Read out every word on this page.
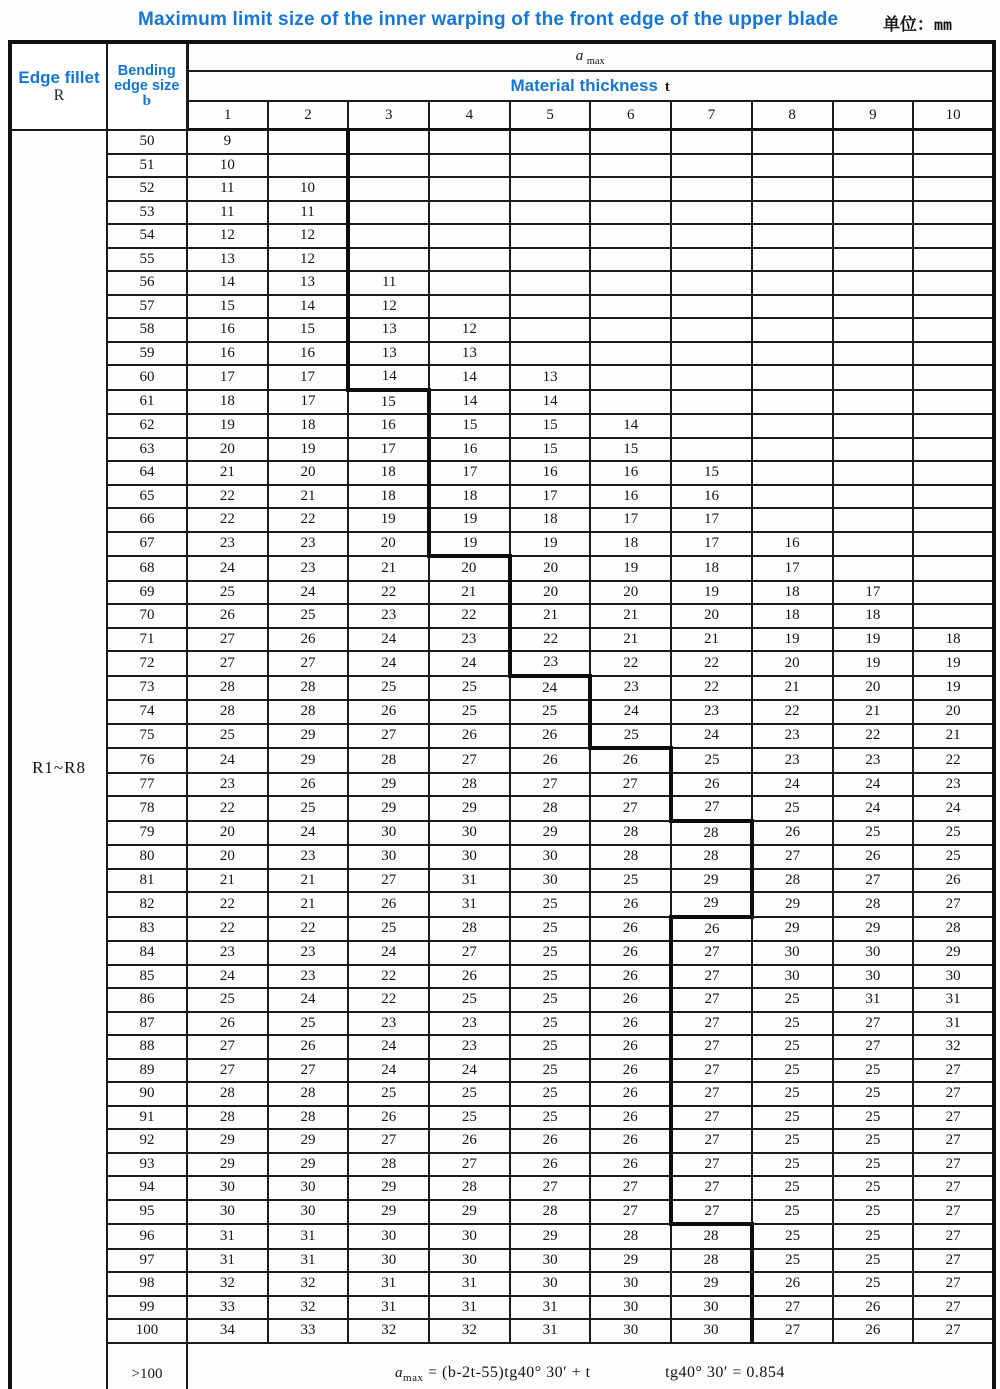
Maximum limit size of the inner warping of the front edge of the upper blade	单位：mm
Edge fillet
R

Bending edge size
b
	a $_{max}$
		Material thickness t									
		1	2	3	4	5	6	7	8	9	10
R1~R8	50	9									
	51	10									
	52	11	10								
	53	11	11								
	54	12	12								
	55	13	12								
	56	14	13	11							
	57	15	14	12							
	58	16	15	13	12						
	59	16	16	13	13						
	60	17	17	14	14	13					
	61	18	17	15	14	14					
	62	19	18	16	15	15	14				
	63	20	19	17	16	15	15				
	64	21	20	18	17	16	16	15			
	65	22	21	18	18	17	16	16			
	66	22	22	19	19	18	17	17			
	67	23	23	20	19	19	18	17	16		
	68	24	23	21	20	20	19	18	17		
	69	25	24	22	21	20	20	19	18	17	
	70	26	25	23	22	21	21	20	18	18	
	71	27	26	24	23	22	21	21	19	19	18
	72	27	27	24	24	23	22	22	20	19	19
	73	28	28	25	25	24	23	22	21	20	19
	74	28	28	26	25	25	24	23	22	21	20
	75	25	29	27	26	26	25	24	23	22	21
	76	24	29	28	27	26	26	25	23	23	22
	77	23	26	29	28	27	27	26	24	24	23
	78	22	25	29	29	28	27	27	25	24	24
	79	20	24	30	30	29	28	28	26	25	25
	80	20	23	30	30	30	28	28	27	26	25
	81	21	21	27	31	30	25	29	28	27	26
	82	22	21	26	31	25	26	29	29	28	27
	83	22	22	25	28	25	26	26	29	29	28
	84	23	23	24	27	25	26	27	30	30	29
	85	24	23	22	26	25	26	27	30	30	30
	86	25	24	22	25	25	26	27	25	31	31
	87	26	25	23	23	25	26	27	25	27	31
	88	27	26	24	23	25	26	27	25	27	32
	89	27	27	24	24	25	26	27	25	25	27
	90	28	28	25	25	25	26	27	25	25	27
	91	28	28	26	25	25	26	27	25	25	27
	92	29	29	27	26	26	26	27	25	25	27
	93	29	29	28	27	26	26	27	25	25	27
	94	30	30	29	28	27	27	27	25	25	27
	95	30	30	29	29	28	27	27	25	25	27
	96	31	31	30	30	29	28	28	25	25	27
	97	31	31	30	30	30	29	28	25	25	27
	98	32	32	31	31	30	30	29	26	25	27
	99	33	32	31	31	31	30	30	27	26	27
	100	34	33	32	32	31	30	30	27	26	27
	>100	$a_{max} = (b-2t-55)tg40^\circ$ 30′ + t tg40° 30′ = 0.854									
